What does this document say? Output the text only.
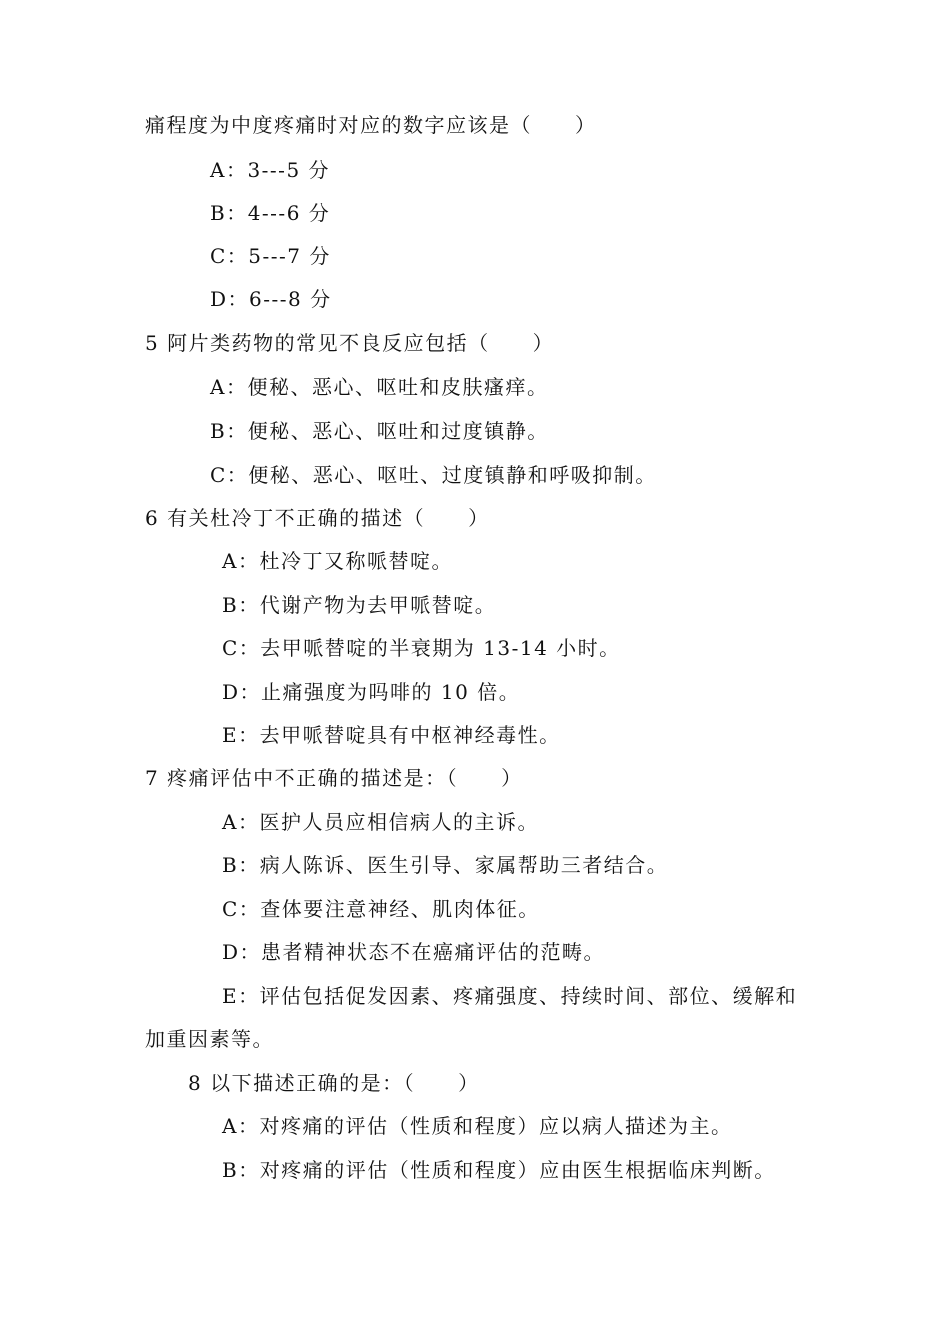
痛程度为中度疼痛时对应的数字应该是（　　）
A：3---5 分
B：4---6 分
C：5---7 分
D：6---8 分
5 阿片类药物的常见不良反应包括（　　）
A：便秘、恶心、呕吐和皮肤瘙痒。
B：便秘、恶心、呕吐和过度镇静。
C：便秘、恶心、呕吐、过度镇静和呼吸抑制。
6 有关杜冷丁不正确的描述（　　）
A：杜冷丁又称哌替啶。
B：代谢产物为去甲哌替啶。
C：去甲哌替啶的半衰期为 13-14 小时。
D：止痛强度为吗啡的 10 倍。
E：去甲哌替啶具有中枢神经毒性。
7 疼痛评估中不正确的描述是：（　　）
A：医护人员应相信病人的主诉。
B：病人陈诉、医生引导、家属帮助三者结合。
C：查体要注意神经、肌肉体征。
D：患者精神状态不在癌痛评估的范畴。
E：评估包括促发因素、疼痛强度、持续时间、部位、缓解和
加重因素等。
8 以下描述正确的是：（　　）
A：对疼痛的评估（性质和程度）应以病人描述为主。
B：对疼痛的评估（性质和程度）应由医生根据临床判断。
